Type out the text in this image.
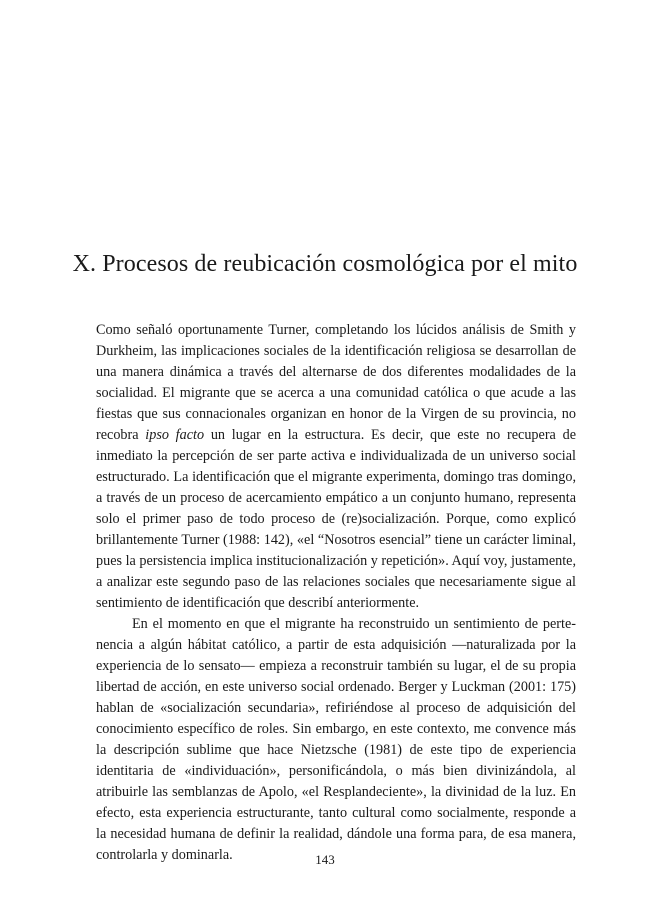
X. Procesos de reubicación cosmológica por el mito

Como señaló oportunamente Turner, completando los lúcidos análisis de Smith y Durkheim, las implicaciones sociales de la identificación religiosa se desarrollan de una manera dinámica a través del alternarse de dos diferentes modalidades de la socialidad. El migrante que se acerca a una comunidad católica o que acude a las fiestas que sus connacionales organizan en honor de la Virgen de su provincia, no recobra ipso facto un lugar en la estructura. Es decir, que este no recupera de inmediato la percepción de ser parte activa e individualizada de un universo social estructurado. La identificación que el migrante experimenta, domingo tras domingo, a través de un proceso de acercamiento empático a un conjunto humano, representa solo el primer paso de todo proceso de (re)socialización. Porque, como explicó brillantemente Turner (1988: 142), «el “Nosotros esencial” tiene un carácter liminal, pues la persistencia implica institucionalización y repetición». Aquí voy, justamente, a analizar este segundo paso de las relaciones sociales que necesariamente sigue al sentimiento de identificación que describí anteriormente.

En el momento en que el migrante ha reconstruido un sentimiento de pertenencia a algún hábitat católico, a partir de esta adquisición —naturalizada por la experiencia de lo sensato— empieza a reconstruir también su lugar, el de su propia libertad de acción, en este universo social ordenado. Berger y Luckman (2001: 175) hablan de «socialización secundaria», refiriéndose al proceso de adquisición del conocimiento específico de roles. Sin embargo, en este contexto, me convence más la descripción sublime que hace Nietzsche (1981) de este tipo de experiencia identitaria de «individuación», personificándola, o más bien divinizándola, al atribuirle las semblanzas de Apolo, «el Resplandeciente», la divinidad de la luz. En efecto, esta experiencia estructurante, tanto cultural como socialmente, responde a la necesidad humana de definir la realidad, dándole una forma para, de esa manera, controlarla y dominarla.	143
